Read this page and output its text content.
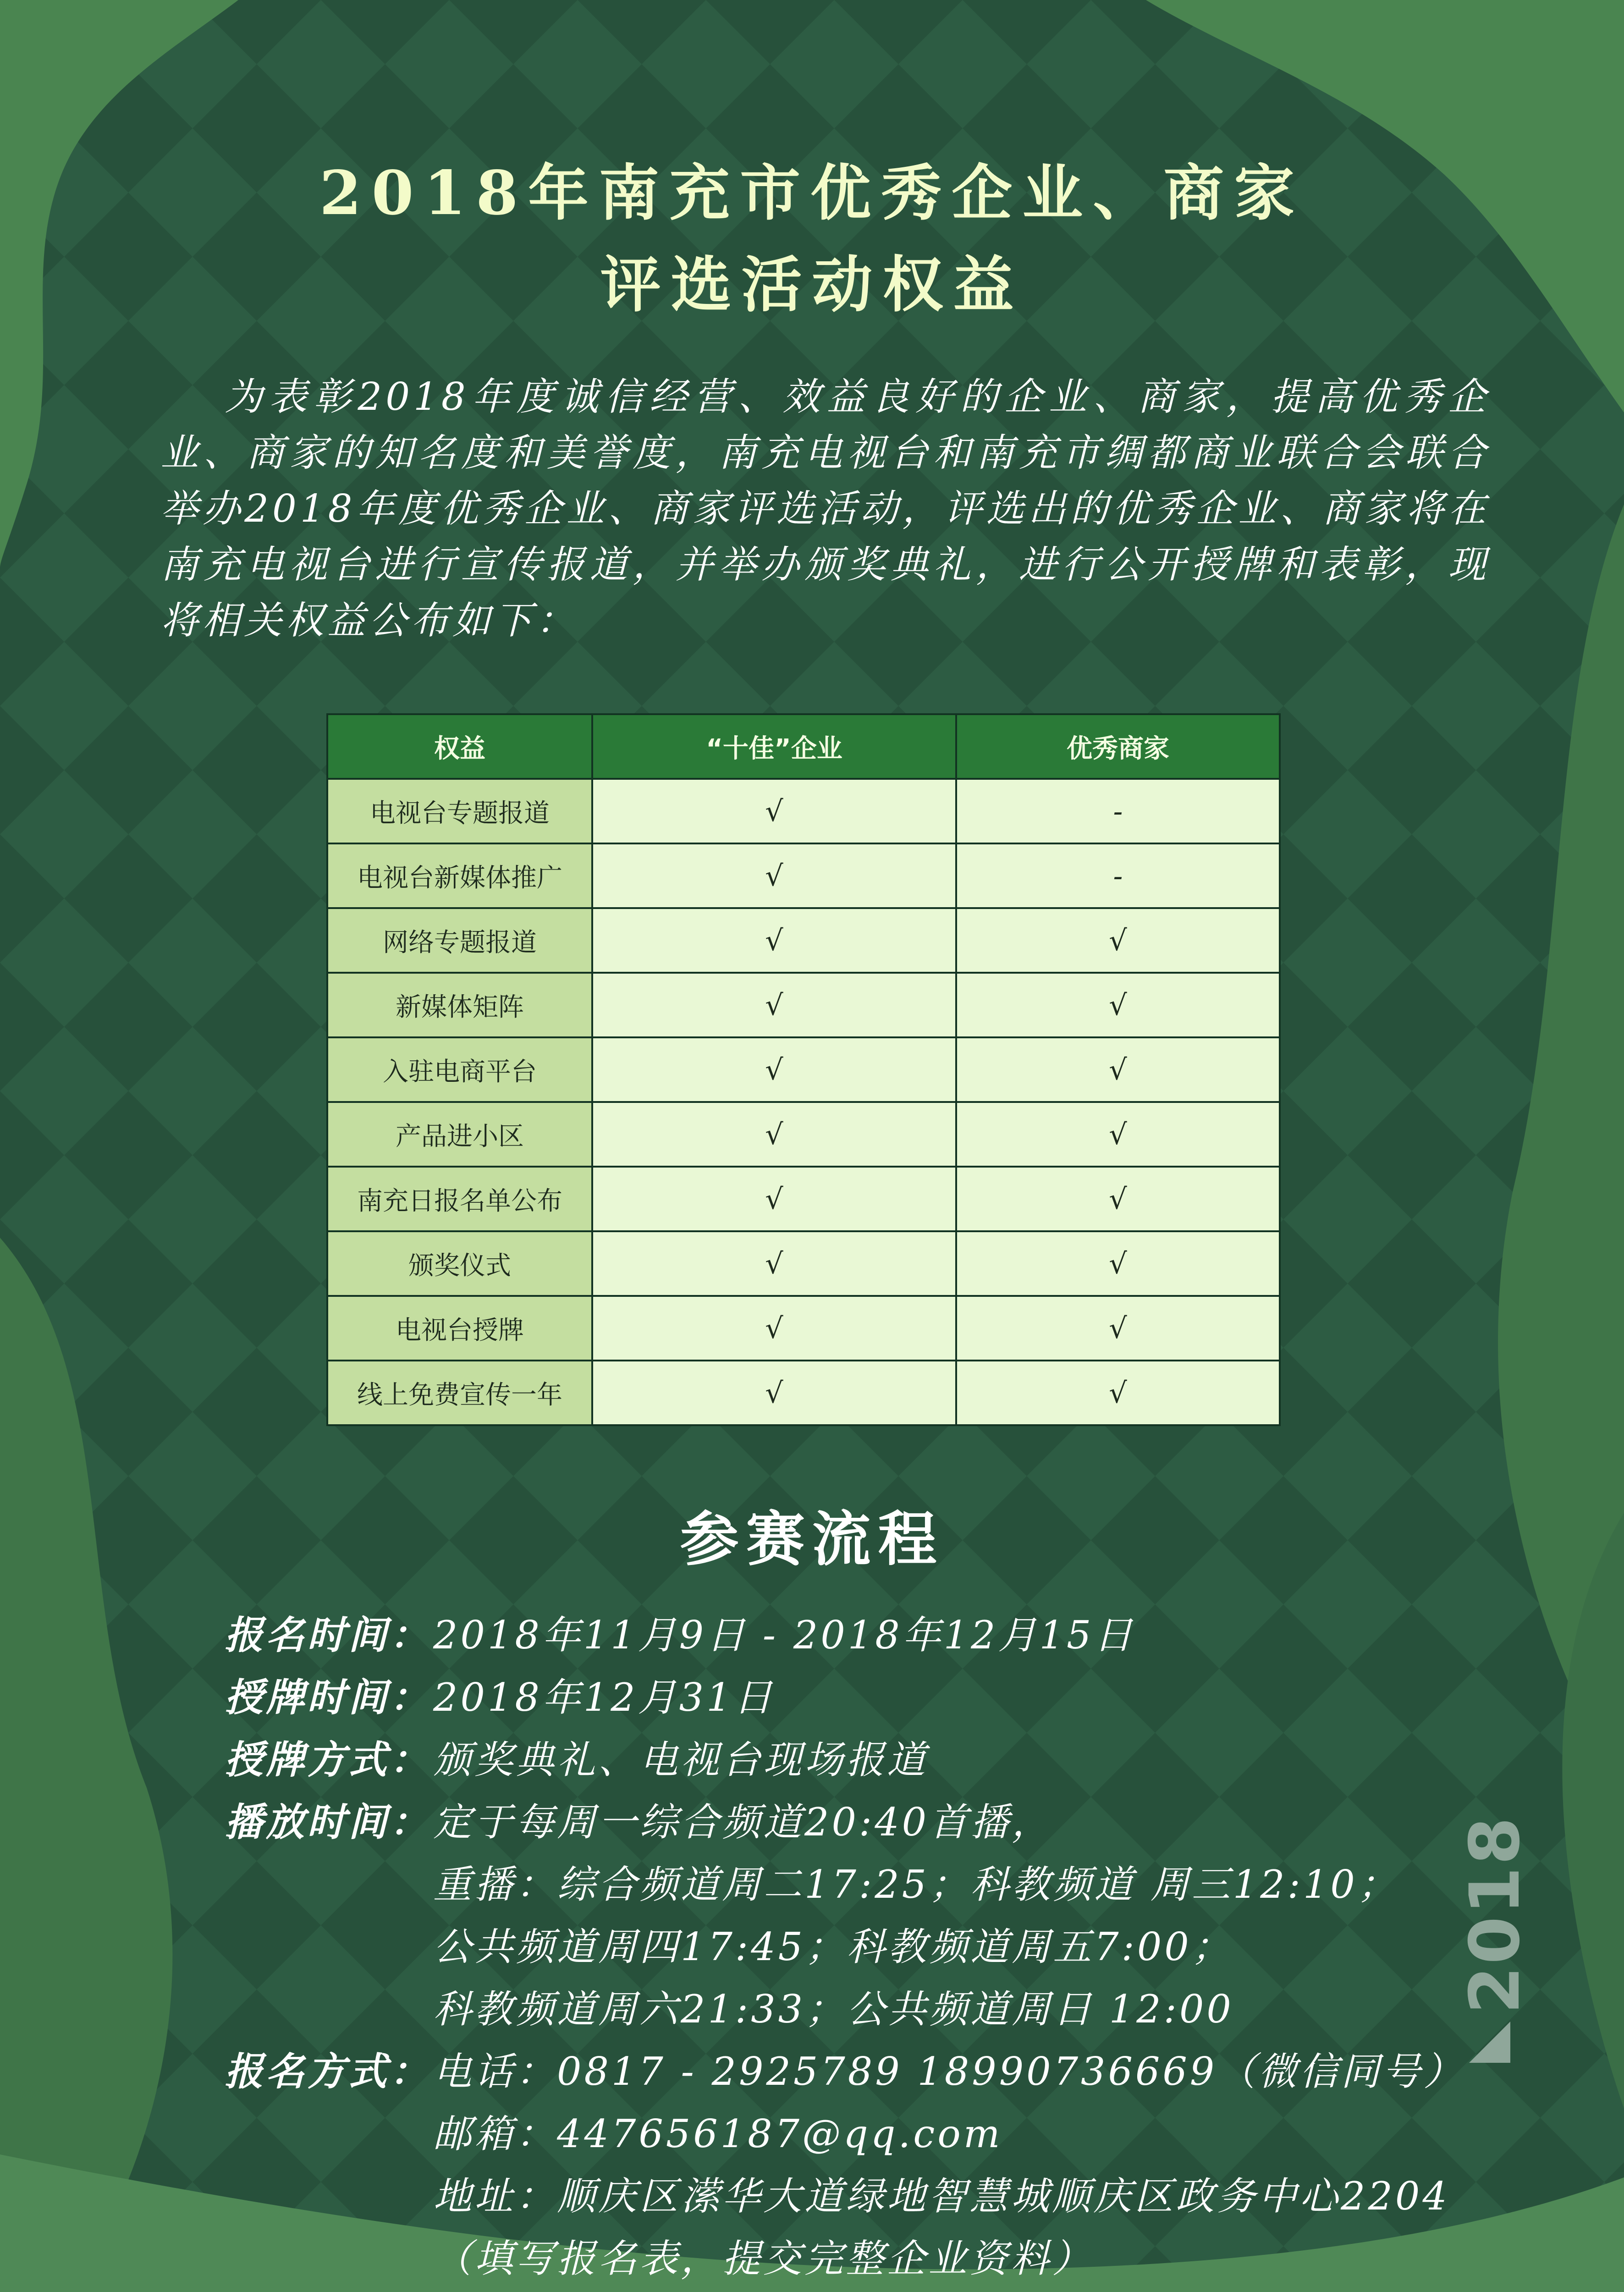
2018年南充市优秀企业、商家
评选活动权益
为表彰2018年度诚信经营、效益良好的企业、商家，提高优秀企业、商家的知名度和美誉度，南充电视台和南充市绸都商业联合会联合举办2018年度优秀企业、商家评选活动，评选出的优秀企业、商家将在南充电视台进行宣传报道，并举办颁奖典礼，进行公开授牌和表彰，现将相关权益公布如下：
权益	“十佳”企业	优秀商家
电视台专题报道	√	-
电视台新媒体推广	√	-
网络专题报道	√	√
新媒体矩阵	√	√
入驻电商平台	√	√
产品进小区	√	√
南充日报名单公布	√	√
颁奖仪式	√	√
电视台授牌	√	√
线上免费宣传一年	√	√
参赛流程
报名时间： 2018年11月9日 - 2018年12月15日
授牌时间： 2018年12月31日
授牌方式： 颁奖典礼、电视台现场报道
播放时间： 定于每周一综合频道20:40首播，
重播：综合频道周二17:25；科教频道 周三12:10；
公共频道周四17:45；科教频道周五7:00；
科教频道周六21:33；公共频道周日 12:00
报名方式： 电话：0817 - 2925789 18990736669（微信同号）
邮箱：447656187@qq.com
地址：顺庆区潆华大道绿地智慧城顺庆区政务中心2204
（填写报名表，提交完整企业资料）
2018
